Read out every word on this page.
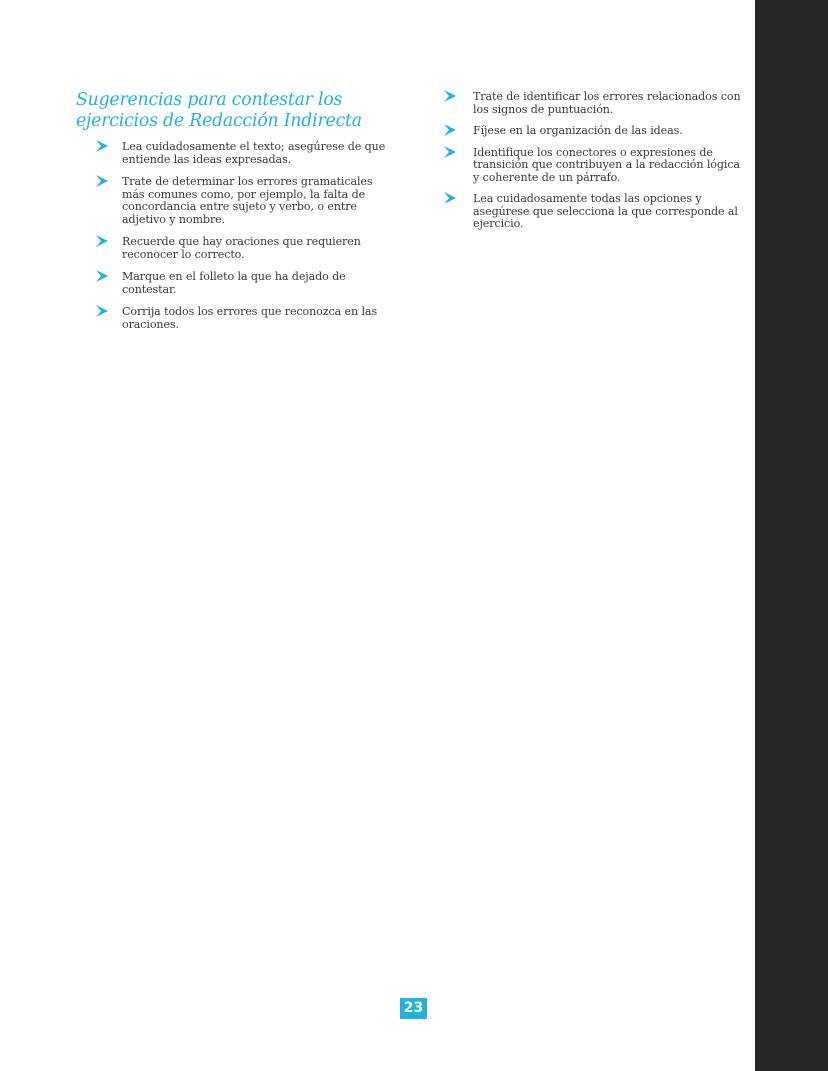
Sugerencias para contestar los ejercicios de Redacción Indirecta
Lea cuidadosamente el texto; asegúrese de que entiende las ideas expresadas.
Trate de determinar los errores gramaticales más comunes como, por ejemplo, la falta de concordancia entre sujeto y verbo, o entre adjetivo y nombre.
Recuerde que hay oraciones que requieren reconocer lo correcto.
Marque en el folleto la que ha dejado de contestar.
Corrija todos los errores que reconozca en las oraciones.
Trate de identificar los errores relacionados con los signos de puntuación.
Fíjese en la organización de las ideas.
Identifique los conectores o expresiones de transición que contribuyen a la redacción lógica y coherente de un párrafo.
Lea cuidadosamente todas las opciones y asegúrese que selecciona la que corresponde al ejercicio.
23
